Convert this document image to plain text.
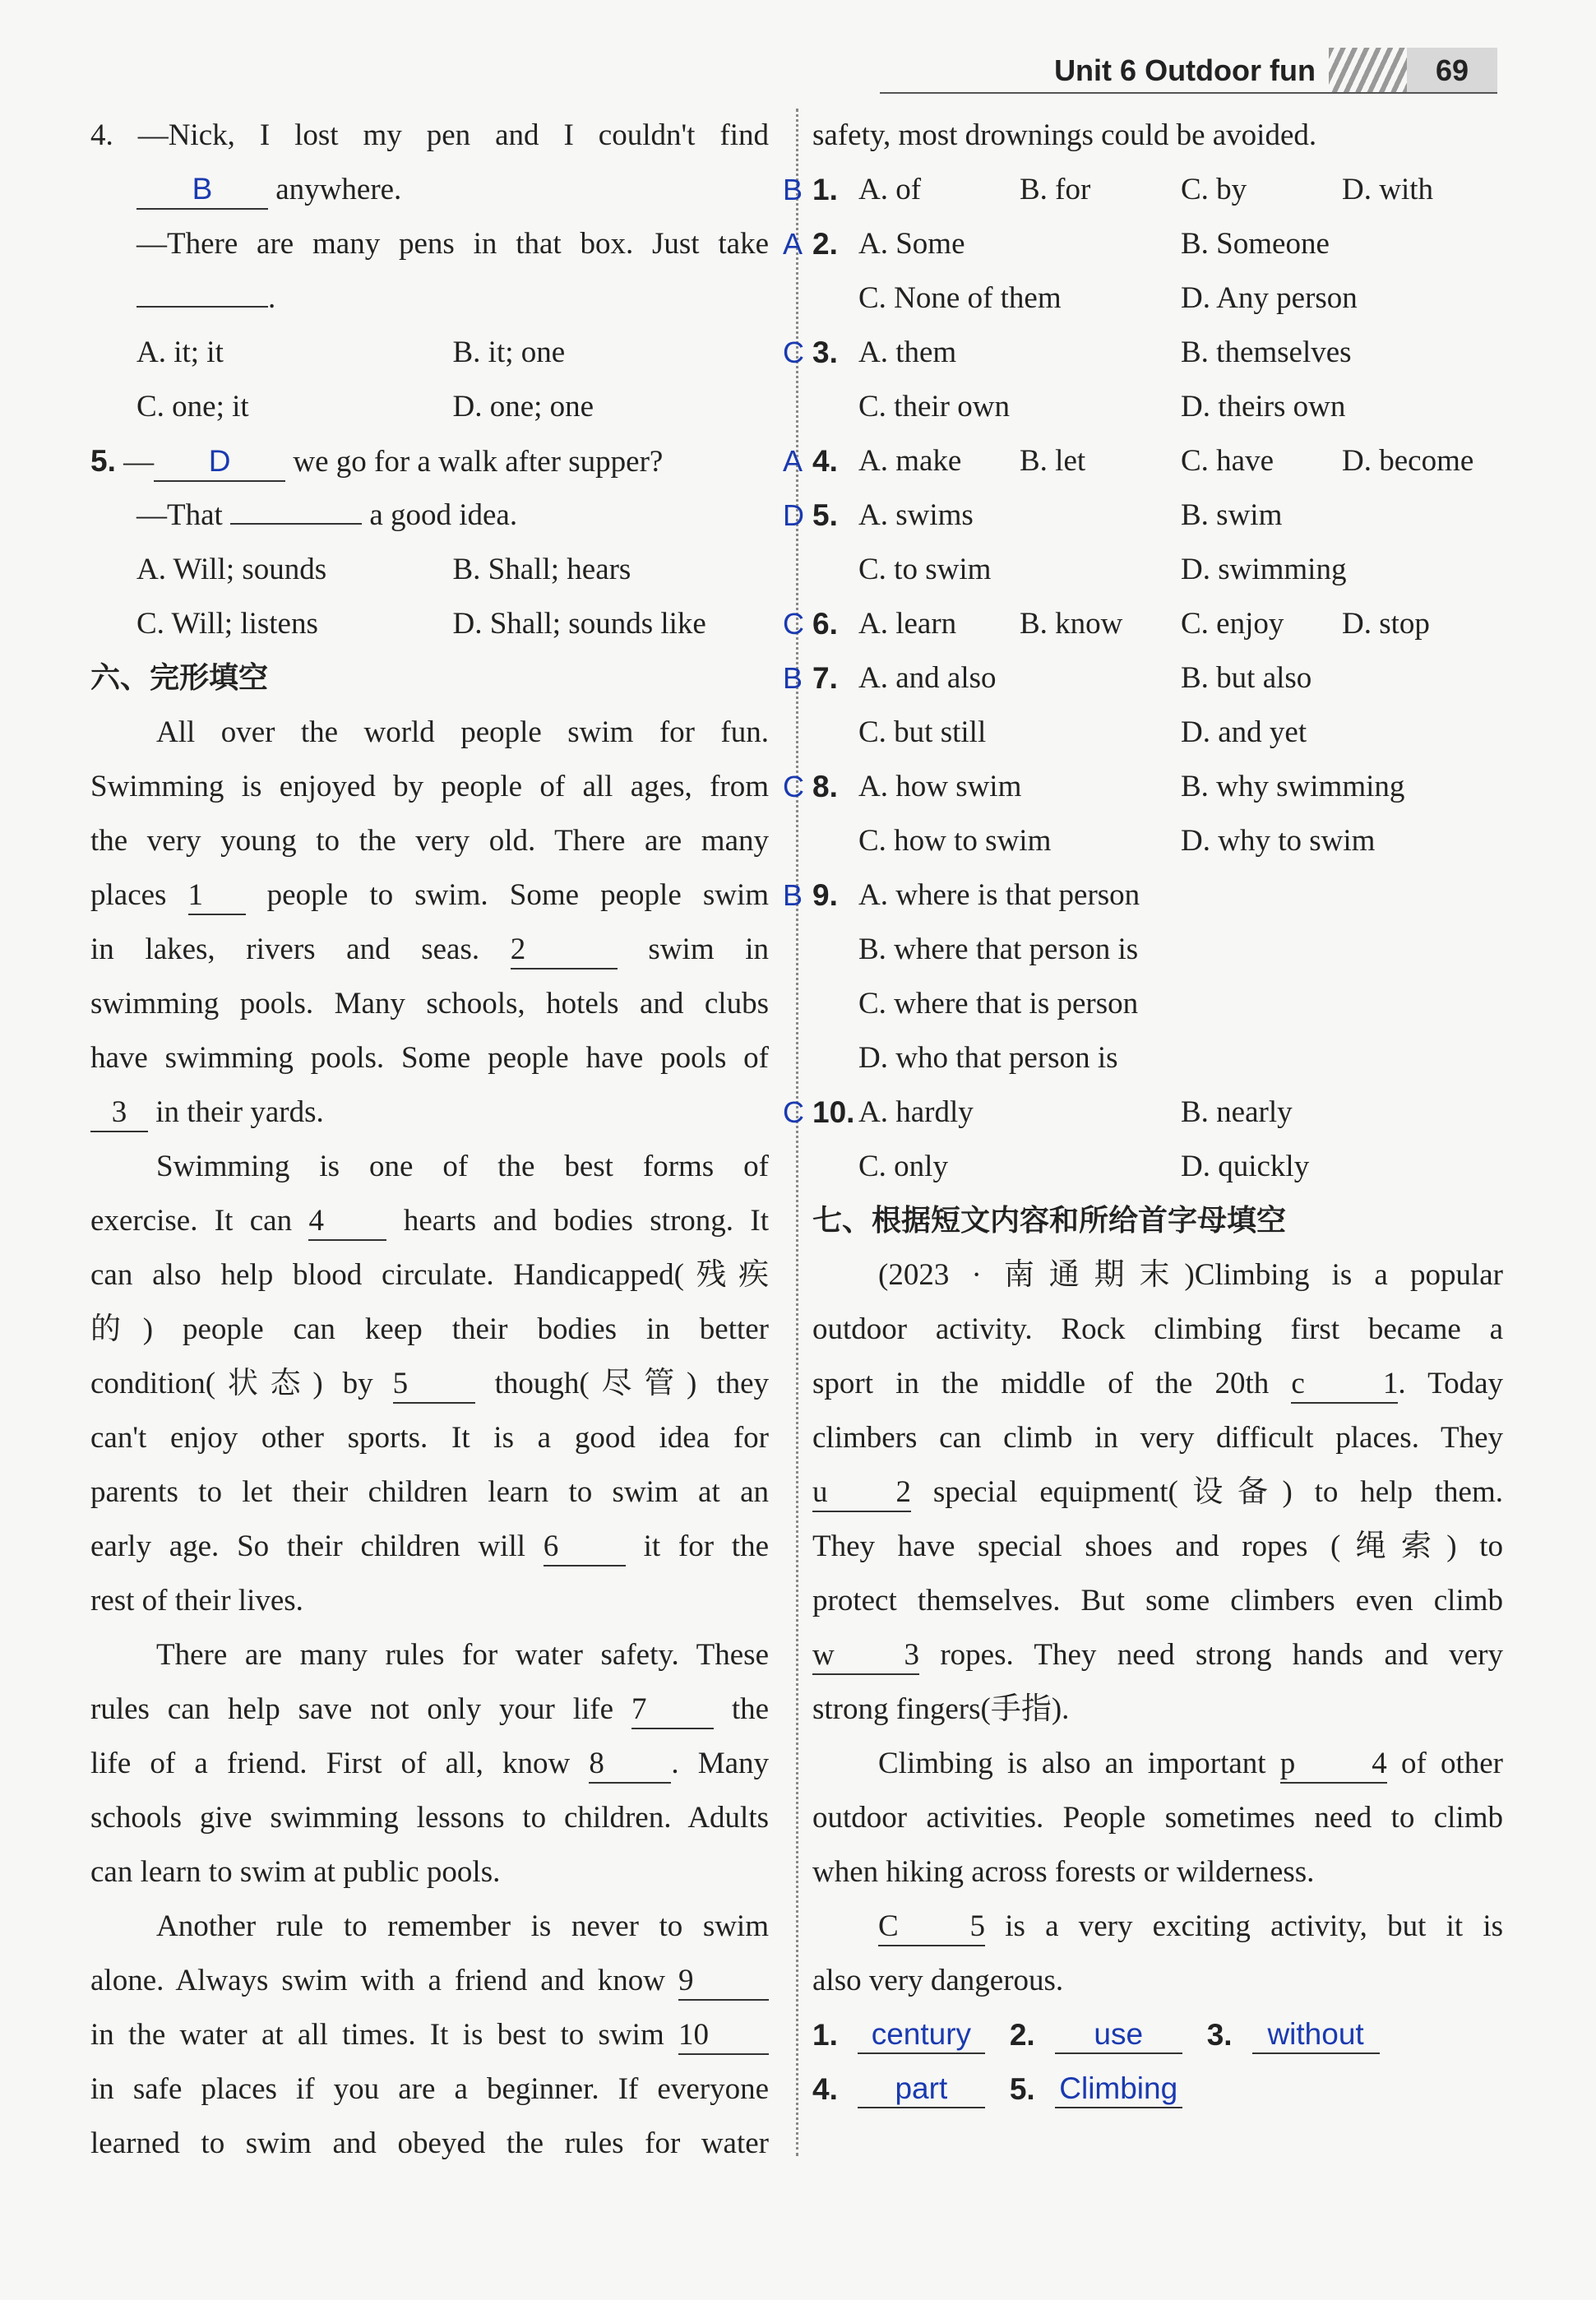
Unit 6 Outdoor fun	69
4. —Nick, I lost my pen and I couldn't find
B anywhere.
—There are many pens in that box. Just take
.
A. it; it	B. it; one
C. one; it	D. one; one
5. — D we go for a walk after supper?
—That	a good idea.
A. Will; sounds	B. Shall; hears
C. Will; listens	D. Shall; sounds like
六、完形填空
All over the world people swim for fun.
Swimming is enjoyed by people of all ages, from
the very young to the very old. There are many
places 1 people to swim. Some people swim
in lakes, rivers and seas. 2	swim in
swimming pools. Many schools, hotels and clubs
have swimming pools. Some people have pools of
3 in their yards.
Swimming is one of the best forms of
exercise. It can 4	hearts and bodies strong. It
can also help blood circulate. Handicapped(残疾
的) people can keep their bodies in better
condition(状态) by 5	though(尽管) they
can't enjoy other sports. It is a good idea for
parents to let their children learn to swim at an
early age. So their children will 6	it for the
rest of their lives.
There are many rules for water safety. These
rules can help save not only your life 7	the
life of a friend. First of all, know 8 . Many
schools give swimming lessons to children. Adults
can learn to swim at public pools.
Another rule to remember is never to swim
alone. Always swim with a friend and know 9
in the water at all times. It is best to swim 10
in safe places if you are a beginner. If everyone
learned to swim and obeyed the rules for water
safety, most drownings could be avoided.
B 1. A. of	B. for	C. by	D. with
A 2. A. Some	B. Someone
C. None of them	D. Any person
C 3. A. them	B. themselves
C. their own	D. theirs own
A 4. A. make	B. let	C. have	D. become
D 5. A. swims	B. swim
C. to swim	D. swimming
C 6. A. learn	B. know	C. enjoy	D. stop
B 7. A. and also	B. but also
C. but still	D. and yet
C 8. A. how swim	B. why swimming
C. how to swim	D. why to swim
B 9. A. where is that person
B. where that person is
C. where that is person
D. who that person is
C 10. A. hardly	B. nearly
C. only	D. quickly
七、根据短文内容和所给首字母填空
(2023 · 南通期末)Climbing is a popular
outdoor activity. Rock climbing first became a
sport in the middle of the 20th c    1. Today
climbers can climb in very difficult places. They
u    2 special equipment(设备) to help them.
They have special shoes and ropes (绳索) to
protect themselves. But some climbers even climb
w    3 ropes. They need strong hands and very
strong fingers(手指).
Climbing is also an important p    4 of other
outdoor activities. People sometimes need to climb
when hiking across forests or wilderness.
C    5 is a very exciting activity, but it is
also very dangerous.
1.	century	2.	use	3.	without
4.	part	5. Climbing
